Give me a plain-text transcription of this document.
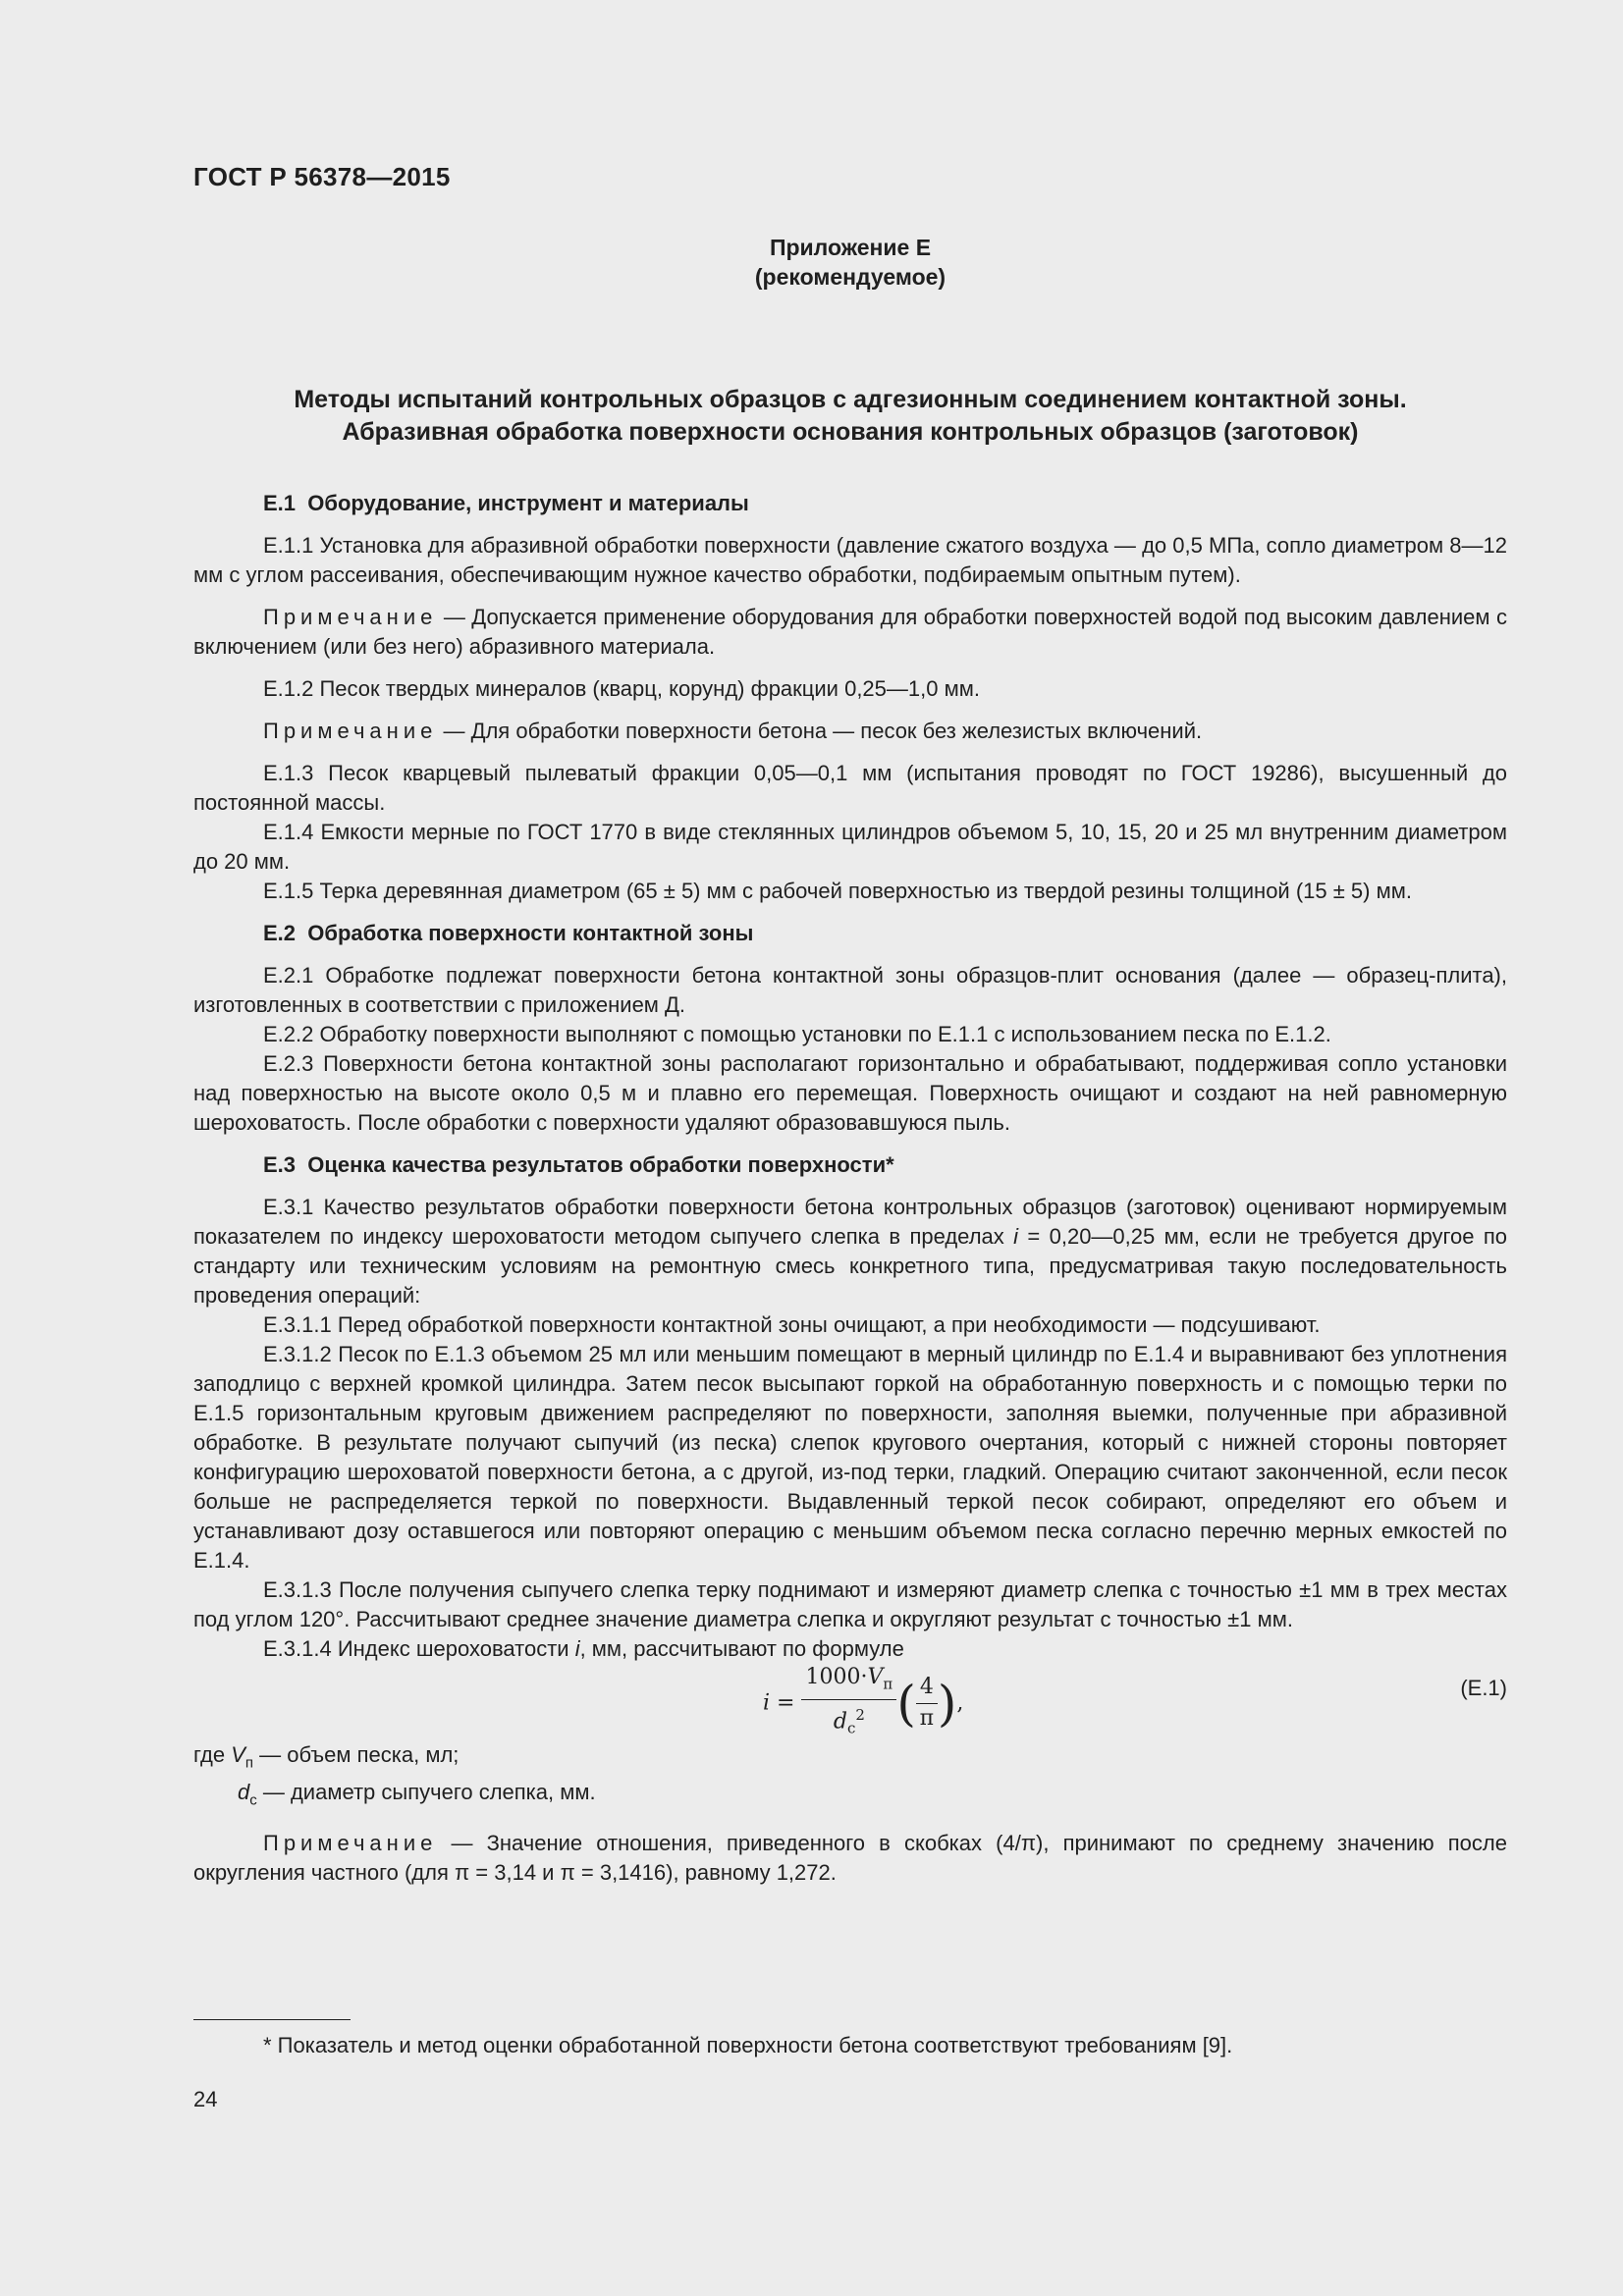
ГОСТ Р 56378—2015
Приложение Е
(рекомендуемое)
Методы испытаний контрольных образцов с адгезионным соединением контактной зоны.
Абразивная обработка поверхности основания контрольных образцов (заготовок)

Е.1 Оборудование, инструмент и материалы

Е.1.1 Установка для абразивной обработки поверхности (давление сжатого воздуха — до 0,5 МПа, сопло диаметром 8—12 мм с углом рассеивания, обеспечивающим нужное качество обработки, подбираемым опытным путем).

Примечание — Допускается применение оборудования для обработки поверхностей водой под высоким давлением с включением (или без него) абразивного материала.

Е.1.2 Песок твердых минералов (кварц, корунд) фракции 0,25—1,0 мм.

Примечание — Для обработки поверхности бетона — песок без железистых включений.

Е.1.3 Песок кварцевый пылеватый фракции 0,05—0,1 мм (испытания проводят по ГОСТ 19286), высушенный до постоянной массы.

Е.1.4 Емкости мерные по ГОСТ 1770 в виде стеклянных цилиндров объемом 5, 10, 15, 20 и 25 мл внутренним диаметром до 20 мм.

Е.1.5 Терка деревянная диаметром (65 ± 5) мм с рабочей поверхностью из твердой резины толщиной (15 ± 5) мм.

Е.2 Обработка поверхности контактной зоны

Е.2.1 Обработке подлежат поверхности бетона контактной зоны образцов-плит основания (далее — образец-плита), изготовленных в соответствии с приложением Д.

Е.2.2 Обработку поверхности выполняют с помощью установки по Е.1.1 с использованием песка по Е.1.2.

Е.2.3 Поверхности бетона контактной зоны располагают горизонтально и обрабатывают, поддерживая сопло установки над поверхностью на высоте около 0,5 м и плавно его перемещая. Поверхность очищают и создают на ней равномерную шероховатость. После обработки с поверхности удаляют образовавшуюся пыль.

Е.3 Оценка качества результатов обработки поверхности*

Е.3.1 Качество результатов обработки поверхности бетона контрольных образцов (заготовок) оценивают нормируемым показателем по индексу шероховатости методом сыпучего слепка в пределах i = 0,20—0,25 мм, если не требуется другое по стандарту или техническим условиям на ремонтную смесь конкретного типа, предусматривая такую последовательность проведения операций:

Е.3.1.1 Перед обработкой поверхности контактной зоны очищают, а при необходимости — подсушивают.

Е.3.1.2 Песок по Е.1.3 объемом 25 мл или меньшим помещают в мерный цилиндр по Е.1.4 и выравнивают без уплотнения заподлицо с верхней кромкой цилиндра. Затем песок высыпают горкой на обработанную поверхность и с помощью терки по Е.1.5 горизонтальным круговым движением распределяют по поверхности, заполняя выемки, полученные при абразивной обработке. В результате получают сыпучий (из песка) слепок кругового очертания, который с нижней стороны повторяет конфигурацию шероховатой поверхности бетона, а с другой, из-под терки, гладкий. Операцию считают законченной, если песок больше не распределяется теркой по поверхности. Выдавленный теркой песок собирают, определяют его объем и устанавливают дозу оставшегося или повторяют операцию с меньшим объемом песка согласно перечню мерных емкостей по Е.1.4.

Е.3.1.3 После получения сыпучего слепка терку поднимают и измеряют диаметр слепка с точностью ±1 мм в трех местах под углом 120°. Рассчитывают среднее значение диаметра слепка и округляют результат с точностью ±1 мм.

Е.3.1.4 Индекс шероховатости i, мм, рассчитывают по формуле

$i = \frac{1000\cdot V_п}{d_с^2}$ ( $\frac{4}{\pi}$ ),
(Е.1)

где $V_п$ — объем песка, мл;

$d_с$ — диаметр сыпучего слепка, мм.

Примечание — Значение отношения, приведенного в скобках (4/π), принимают по среднему значению после округления частного (для π = 3,14 и π = 3,1416), равному 1,272.

* Показатель и метод оценки обработанной поверхности бетона соответствуют требованиям [9].
24
